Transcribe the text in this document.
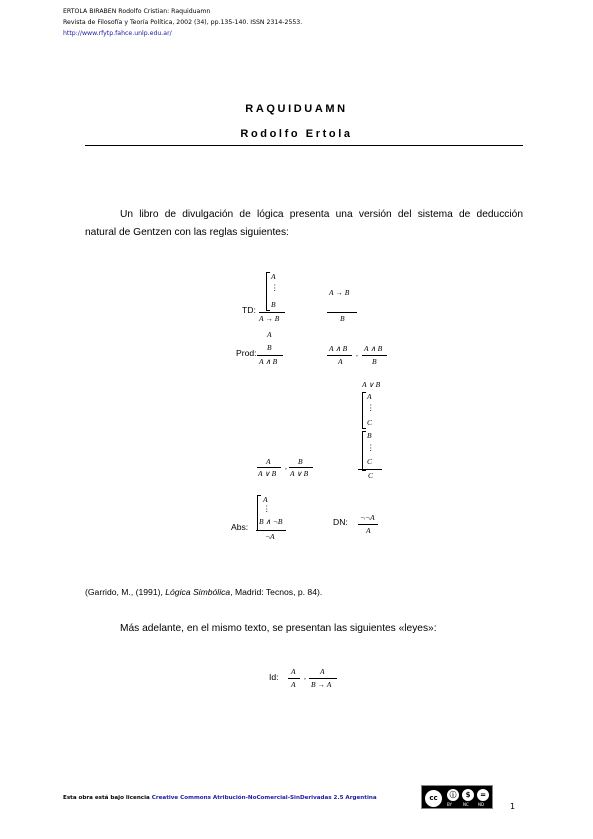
ERTOLA BIRABEN Rodolfo Cristian: Raquiduamn
Revista de Filosofía y Teoría Política, 2002 (34), pp.135-140. ISSN 2314-2553.
http://www.rfytp.fahce.unlp.edu.ar/
RAQUIDUAMN
Rodolfo Ertola
Un libro de divulgación de lógica presenta una versión del sistema de deducción
natural de Gentzen con las reglas siguientes:
TD:
A
⋮
B
A → B
A → B
B
Prod:
A
B
A ∧ B
A ∧ B
A
,
A ∧ B
B
A
A ∨ B
,
B
A ∨ B
A ∨ B
A
⋮
C
B
⋮
C
C
Abs:
A
⋮
B ∧ ¬B
¬A
DN: ¬¬A
A
(Garrido, M., (1991), Lógica Simbólica, Madrid: Tecnos, p. 84).
Más adelante, en el mismo texto, se presentan las siguientes «leyes»:
Id:
A
A
,
A
B → A
Esta obra está bajo licencia Creative Commons Atribución-NoComercial-SinDerivadas 2.5 Argentina	cc	ⓘ	$	=
BY	NC ND	1
